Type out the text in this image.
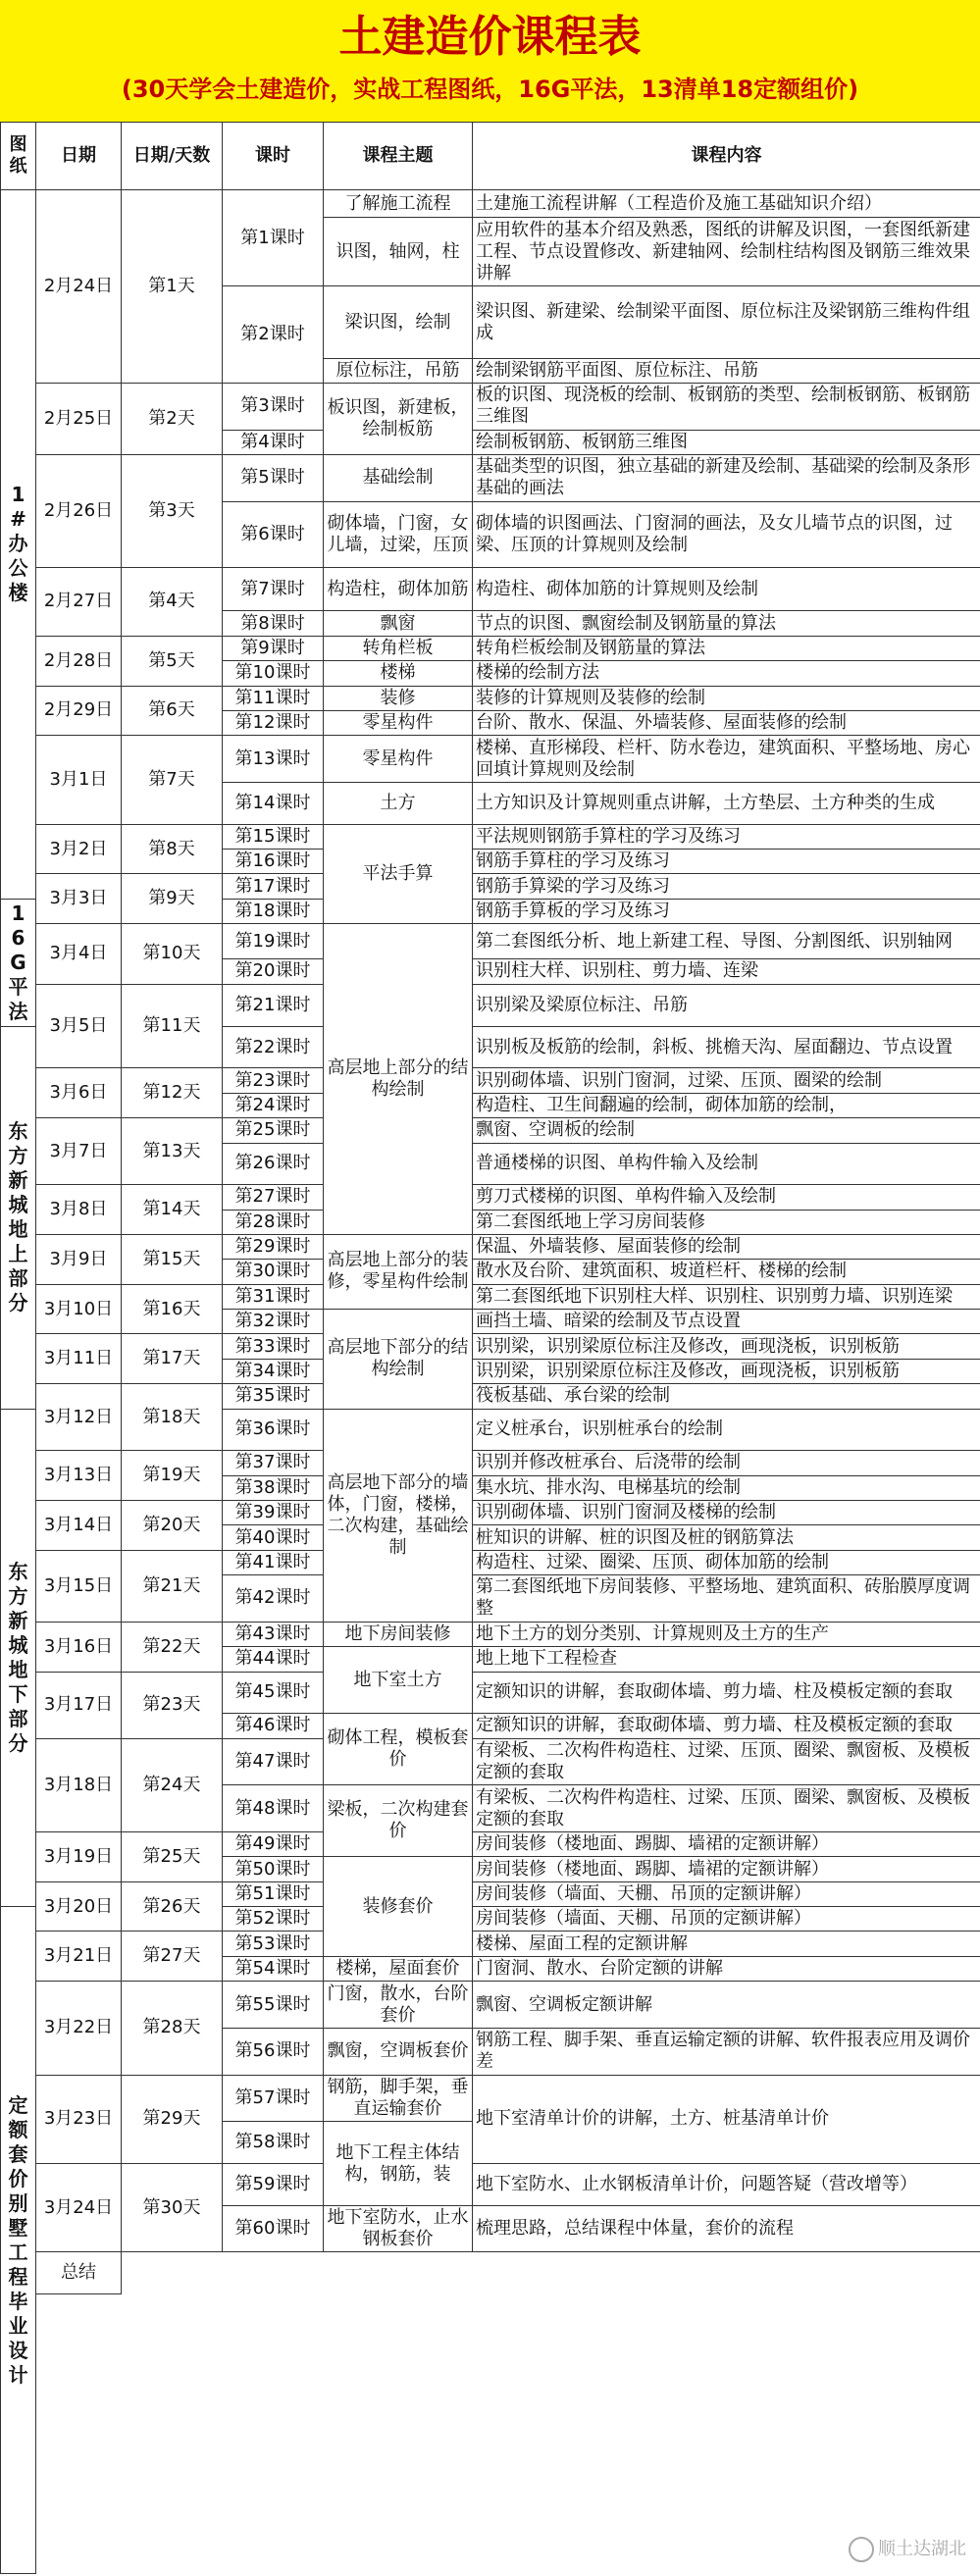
土建造价课程表
(30天学会土建造价，实战工程图纸，16G平法，13清单18定额组价)
图纸	日期	日期/天数	课时	课程主题	课程内容
1#办公楼	2月24日	第1天	第1课时	了解施工流程	土建施工流程讲解（工程造价及施工基础知识介绍）
				识图，轴网，柱	应用软件的基本介绍及熟悉，图纸的讲解及识图，一套图纸新建工程、节点设置修改、新建轴网、绘制柱结构图及钢筋三维效果讲解
			第2课时	梁识图，绘制	梁识图、新建梁、绘制梁平面图、原位标注及梁钢筋三维构件组成

				原位标注，吊筋	绘制梁钢筋平面图、原位标注、吊筋
	2月25日	第2天	第3课时	板识图，新建板，绘制板筋	板的识图、现浇板的绘制、板钢筋的类型、绘制板钢筋、板钢筋三维图
			第4课时		绘制板钢筋、板钢筋三维图
	2月26日	第3天	第5课时	基础绘制	基础类型的识图，独立基础的新建及绘制、基础梁的绘制及条形基础的画法
			第6课时	砌体墙，门窗，女儿墙，过梁，压顶	砌体墙的识图画法、门窗洞的画法，及女儿墙节点的识图，过梁、压顶的计算规则及绘制
	2月27日	第4天	第7课时	构造柱，砌体加筋	构造柱、砌体加筋的计算规则及绘制
			第8课时	飘窗	节点的识图、飘窗绘制及钢筋量的算法
	2月28日	第5天	第9课时	转角栏板	转角栏板绘制及钢筋量的算法
			第10课时	楼梯	楼梯的绘制方法
	2月29日	第6天	第11课时	装修	装修的计算规则及装修的绘制
			第12课时	零星构件	台阶、散水、保温、外墙装修、屋面装修的绘制
	3月1日	第7天	第13课时	零星构件	楼梯、直形梯段、栏杆、防水卷边，建筑面积、平整场地、房心回填计算规则及绘制
			第14课时	土方	土方知识及计算规则重点讲解，土方垫层、土方种类的生成
	3月2日	第8天	第15课时	平法手算	平法规则钢筋手算柱的学习及练习
			第16课时		钢筋手算柱的学习及练习
	3月3日	第9天	第17课时		钢筋手算梁的学习及练习
16G平法			第18课时		钢筋手算板的学习及练习
	3月4日	第10天	第19课时	高层地上部分的结构绘制	第二套图纸分析、地上新建工程、导图、分割图纸、识别轴网
			第20课时		识别柱大样、识别柱、剪力墙、连梁
	3月5日	第11天	第21课时		识别梁及梁原位标注、吊筋
东方新城地上部分			第22课时		识别板及板筋的绘制，斜板、挑檐天沟、屋面翻边、节点设置
	3月6日	第12天	第23课时		识别砌体墙、识别门窗洞，过梁、压顶、圈梁的绘制
			第24课时		构造柱、卫生间翻遍的绘制，砌体加筋的绘制，
	3月7日	第13天	第25课时		飘窗、空调板的绘制
			第26课时		普通楼梯的识图、单构件输入及绘制
	3月8日	第14天	第27课时		剪刀式楼梯的识图、单构件输入及绘制
			第28课时		第二套图纸地上学习房间装修
	3月9日	第15天	第29课时	高层地上部分的装修，零星构件绘制	保温、外墙装修、屋面装修的绘制
			第30课时		散水及台阶、建筑面积、坡道栏杆、楼梯的绘制
	3月10日	第16天	第31课时		第二套图纸地下识别柱大样、识别柱、识别剪力墙、识别连梁
			第32课时	高层地下部分的结构绘制	画挡土墙、暗梁的绘制及节点设置
	3月11日	第17天	第33课时		识别梁，识别梁原位标注及修改，画现浇板，识别板筋
			第34课时		识别梁，识别梁原位标注及修改，画现浇板，识别板筋
	3月12日	第18天	第35课时		筏板基础、承台梁的绘制
东方新城地下部分			第36课时	高层地下部分的墙体，门窗，楼梯，二次构建，基础绘制	定义桩承台，识别桩承台的绘制
	3月13日	第19天	第37课时		识别并修改桩承台、后浇带的绘制
			第38课时		集水坑、排水沟、电梯基坑的绘制
	3月14日	第20天	第39课时		识别砌体墙、识别门窗洞及楼梯的绘制
			第40课时		桩知识的讲解、桩的识图及桩的钢筋算法
	3月15日	第21天	第41课时		构造柱、过梁、圈梁、压顶、砌体加筋的绘制
			第42课时		第二套图纸地下房间装修、平整场地、建筑面积、砖胎膜厚度调整
	3月16日	第22天	第43课时	地下房间装修	地下土方的划分类别、计算规则及土方的生产
			第44课时	地下室土方	地上地下工程检查
	3月17日	第23天	第45课时		定额知识的讲解，套取砌体墙、剪力墙、柱及模板定额的套取
			第46课时	砌体工程，模板套价	定额知识的讲解，套取砌体墙、剪力墙、柱及模板定额的套取
	3月18日	第24天	第47课时		有梁板、二次构件构造柱、过梁、压顶、圈梁、飘窗板、及模板定额的套取
			第48课时	梁板，二次构建套价	有梁板、二次构件构造柱、过梁、压顶、圈梁、飘窗板、及模板定额的套取
	3月19日	第25天	第49课时		房间装修（楼地面、踢脚、墙裙的定额讲解）
			第50课时	装修套价	房间装修（楼地面、踢脚、墙裙的定额讲解）
	3月20日	第26天	第51课时		房间装修（墙面、天棚、吊顶的定额讲解）
定额套价别墅工程毕业设计			第52课时		房间装修（墙面、天棚、吊顶的定额讲解）
	3月21日	第27天	第53课时		楼梯、屋面工程的定额讲解
			第54课时	楼梯，屋面套价	门窗洞、散水、台阶定额的讲解
	3月22日	第28天	第55课时	门窗，散水，台阶套价	飘窗、空调板定额讲解
			第56课时	飘窗，空调板套价	钢筋工程、脚手架、垂直运输定额的讲解、软件报表应用及调价差
	3月23日	第29天	第57课时	钢筋，脚手架，垂直运输套价	地下室清单计价的讲解，土方、桩基清单计价
			第58课时	地下工程主体结构，钢筋，装	
	3月24日	第30天	第59课时		地下室防水、止水钢板清单计价，问题答疑（营改增等）
			第60课时	地下室防水，止水钢板套价	梳理思路，总结课程中体量，套价的流程
	总结				

顺土达湖北
